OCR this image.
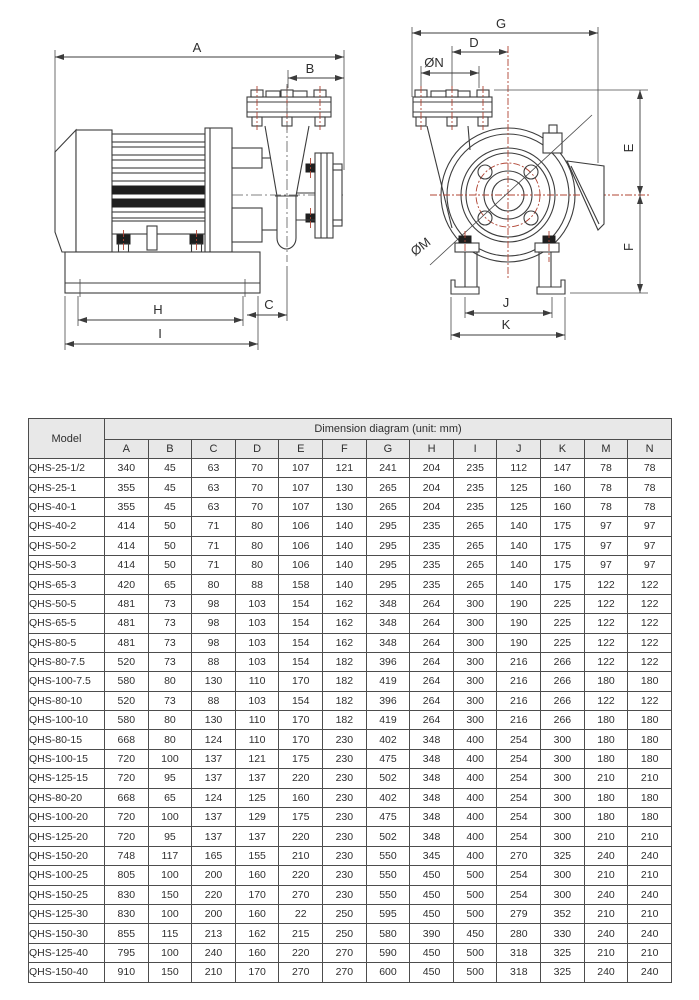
A
B
H
I
C
G
D
ØN
ØM
E
F
J
K
Model	Dimension diagram (unit: mm)												
	A	B	C	D	E	F	G	H	I	J	K	M	N
QHS-25-1/2	340	45	63	70	107	121	241	204	235	112	147	78	78
QHS-25-1	355	45	63	70	107	130	265	204	235	125	160	78	78
QHS-40-1	355	45	63	70	107	130	265	204	235	125	160	78	78
QHS-40-2	414	50	71	80	106	140	295	235	265	140	175	97	97
QHS-50-2	414	50	71	80	106	140	295	235	265	140	175	97	97
QHS-50-3	414	50	71	80	106	140	295	235	265	140	175	97	97
QHS-65-3	420	65	80	88	158	140	295	235	265	140	175	122	122
QHS-50-5	481	73	98	103	154	162	348	264	300	190	225	122	122
QHS-65-5	481	73	98	103	154	162	348	264	300	190	225	122	122
QHS-80-5	481	73	98	103	154	162	348	264	300	190	225	122	122
QHS-80-7.5	520	73	88	103	154	182	396	264	300	216	266	122	122
QHS-100-7.5	580	80	130	110	170	182	419	264	300	216	266	180	180
QHS-80-10	520	73	88	103	154	182	396	264	300	216	266	122	122
QHS-100-10	580	80	130	110	170	182	419	264	300	216	266	180	180
QHS-80-15	668	80	124	110	170	230	402	348	400	254	300	180	180
QHS-100-15	720	100	137	121	175	230	475	348	400	254	300	180	180
QHS-125-15	720	95	137	137	220	230	502	348	400	254	300	210	210
QHS-80-20	668	65	124	125	160	230	402	348	400	254	300	180	180
QHS-100-20	720	100	137	129	175	230	475	348	400	254	300	180	180
QHS-125-20	720	95	137	137	220	230	502	348	400	254	300	210	210
QHS-150-20	748	117	165	155	210	230	550	345	400	270	325	240	240
QHS-100-25	805	100	200	160	220	230	550	450	500	254	300	210	210
QHS-150-25	830	150	220	170	270	230	550	450	500	254	300	240	240
QHS-125-30	830	100	200	160	22	250	595	450	500	279	352	210	210
QHS-150-30	855	115	213	162	215	250	580	390	450	280	330	240	240
QHS-125-40	795	100	240	160	220	270	590	450	500	318	325	210	210
QHS-150-40	910	150	210	170	270	270	600	450	500	318	325	240	240
